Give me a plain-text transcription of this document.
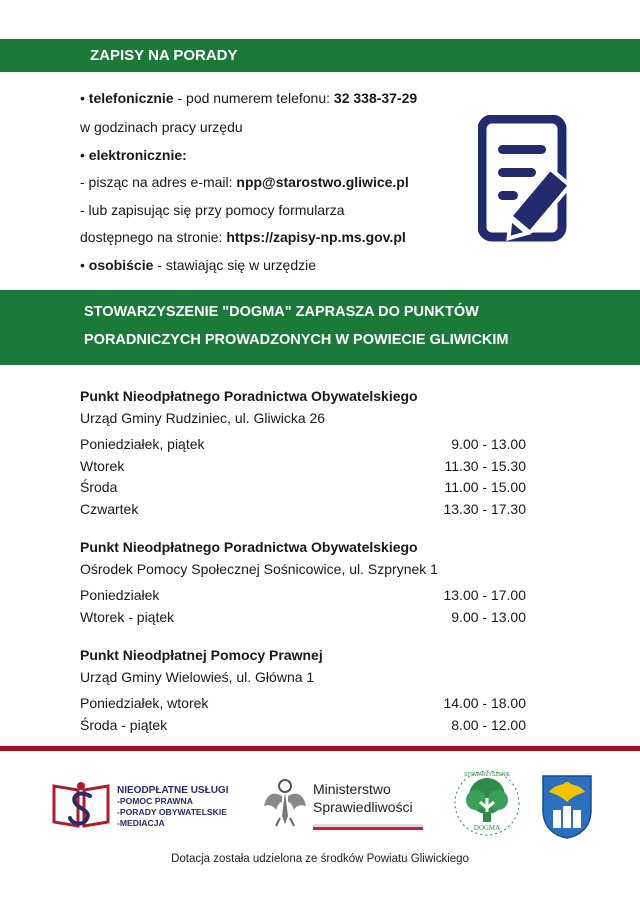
ZAPISY NA PORADY
• telefonicznie - pod numerem telefonu: 32 338-37-29
w godzinach pracy urzędu
• elektronicznie:
- pisząc na adres e-mail: npp@starostwo.gliwice.pl
- lub zapisując się przy pomocy formularza
dostępnego na stronie: https://zapisy-np.ms.gov.pl
• osobiście - stawiając się w urzędzie
STOWARZYSZENIE "DOGMA" ZAPRASZA DO PUNKTÓW
PORADNICZYCH PROWADZONYCH W POWIECIE GLIWICKIM
Punkt Nieodpłatnego Poradnictwa Obywatelskiego
Urząd Gminy Rudziniec, ul. Gliwicka 26
Poniedziałek, piątek	9.00 - 13.00
Wtorek	11.30 - 15.30
Środa	11.00 - 15.00
Czwartek	13.30 - 17.30
Punkt Nieodpłatnego Poradnictwa Obywatelskiego
Ośrodek Pomocy Społecznej Sośnicowice, ul. Szprynek 1
Poniedziałek	13.00 - 17.00
Wtorek - piątek	9.00 - 13.00
Punkt Nieodpłatnej Pomocy Prawnej
Urząd Gminy Wielowieś, ul. Główna 1
Poniedziałek, wtorek	14.00 - 18.00
Środa - piątek	8.00 - 12.00
NIEODPŁATNE USŁUGI
-POMOC PRAWNA
-PORADY OBYWATELSKIE
-MEDIACJA
Ministerstwo
Sprawiedliwości
DOGMA
STOWARZYSZENIE
Dotacja została udzielona ze środków Powiatu Gliwickiego
